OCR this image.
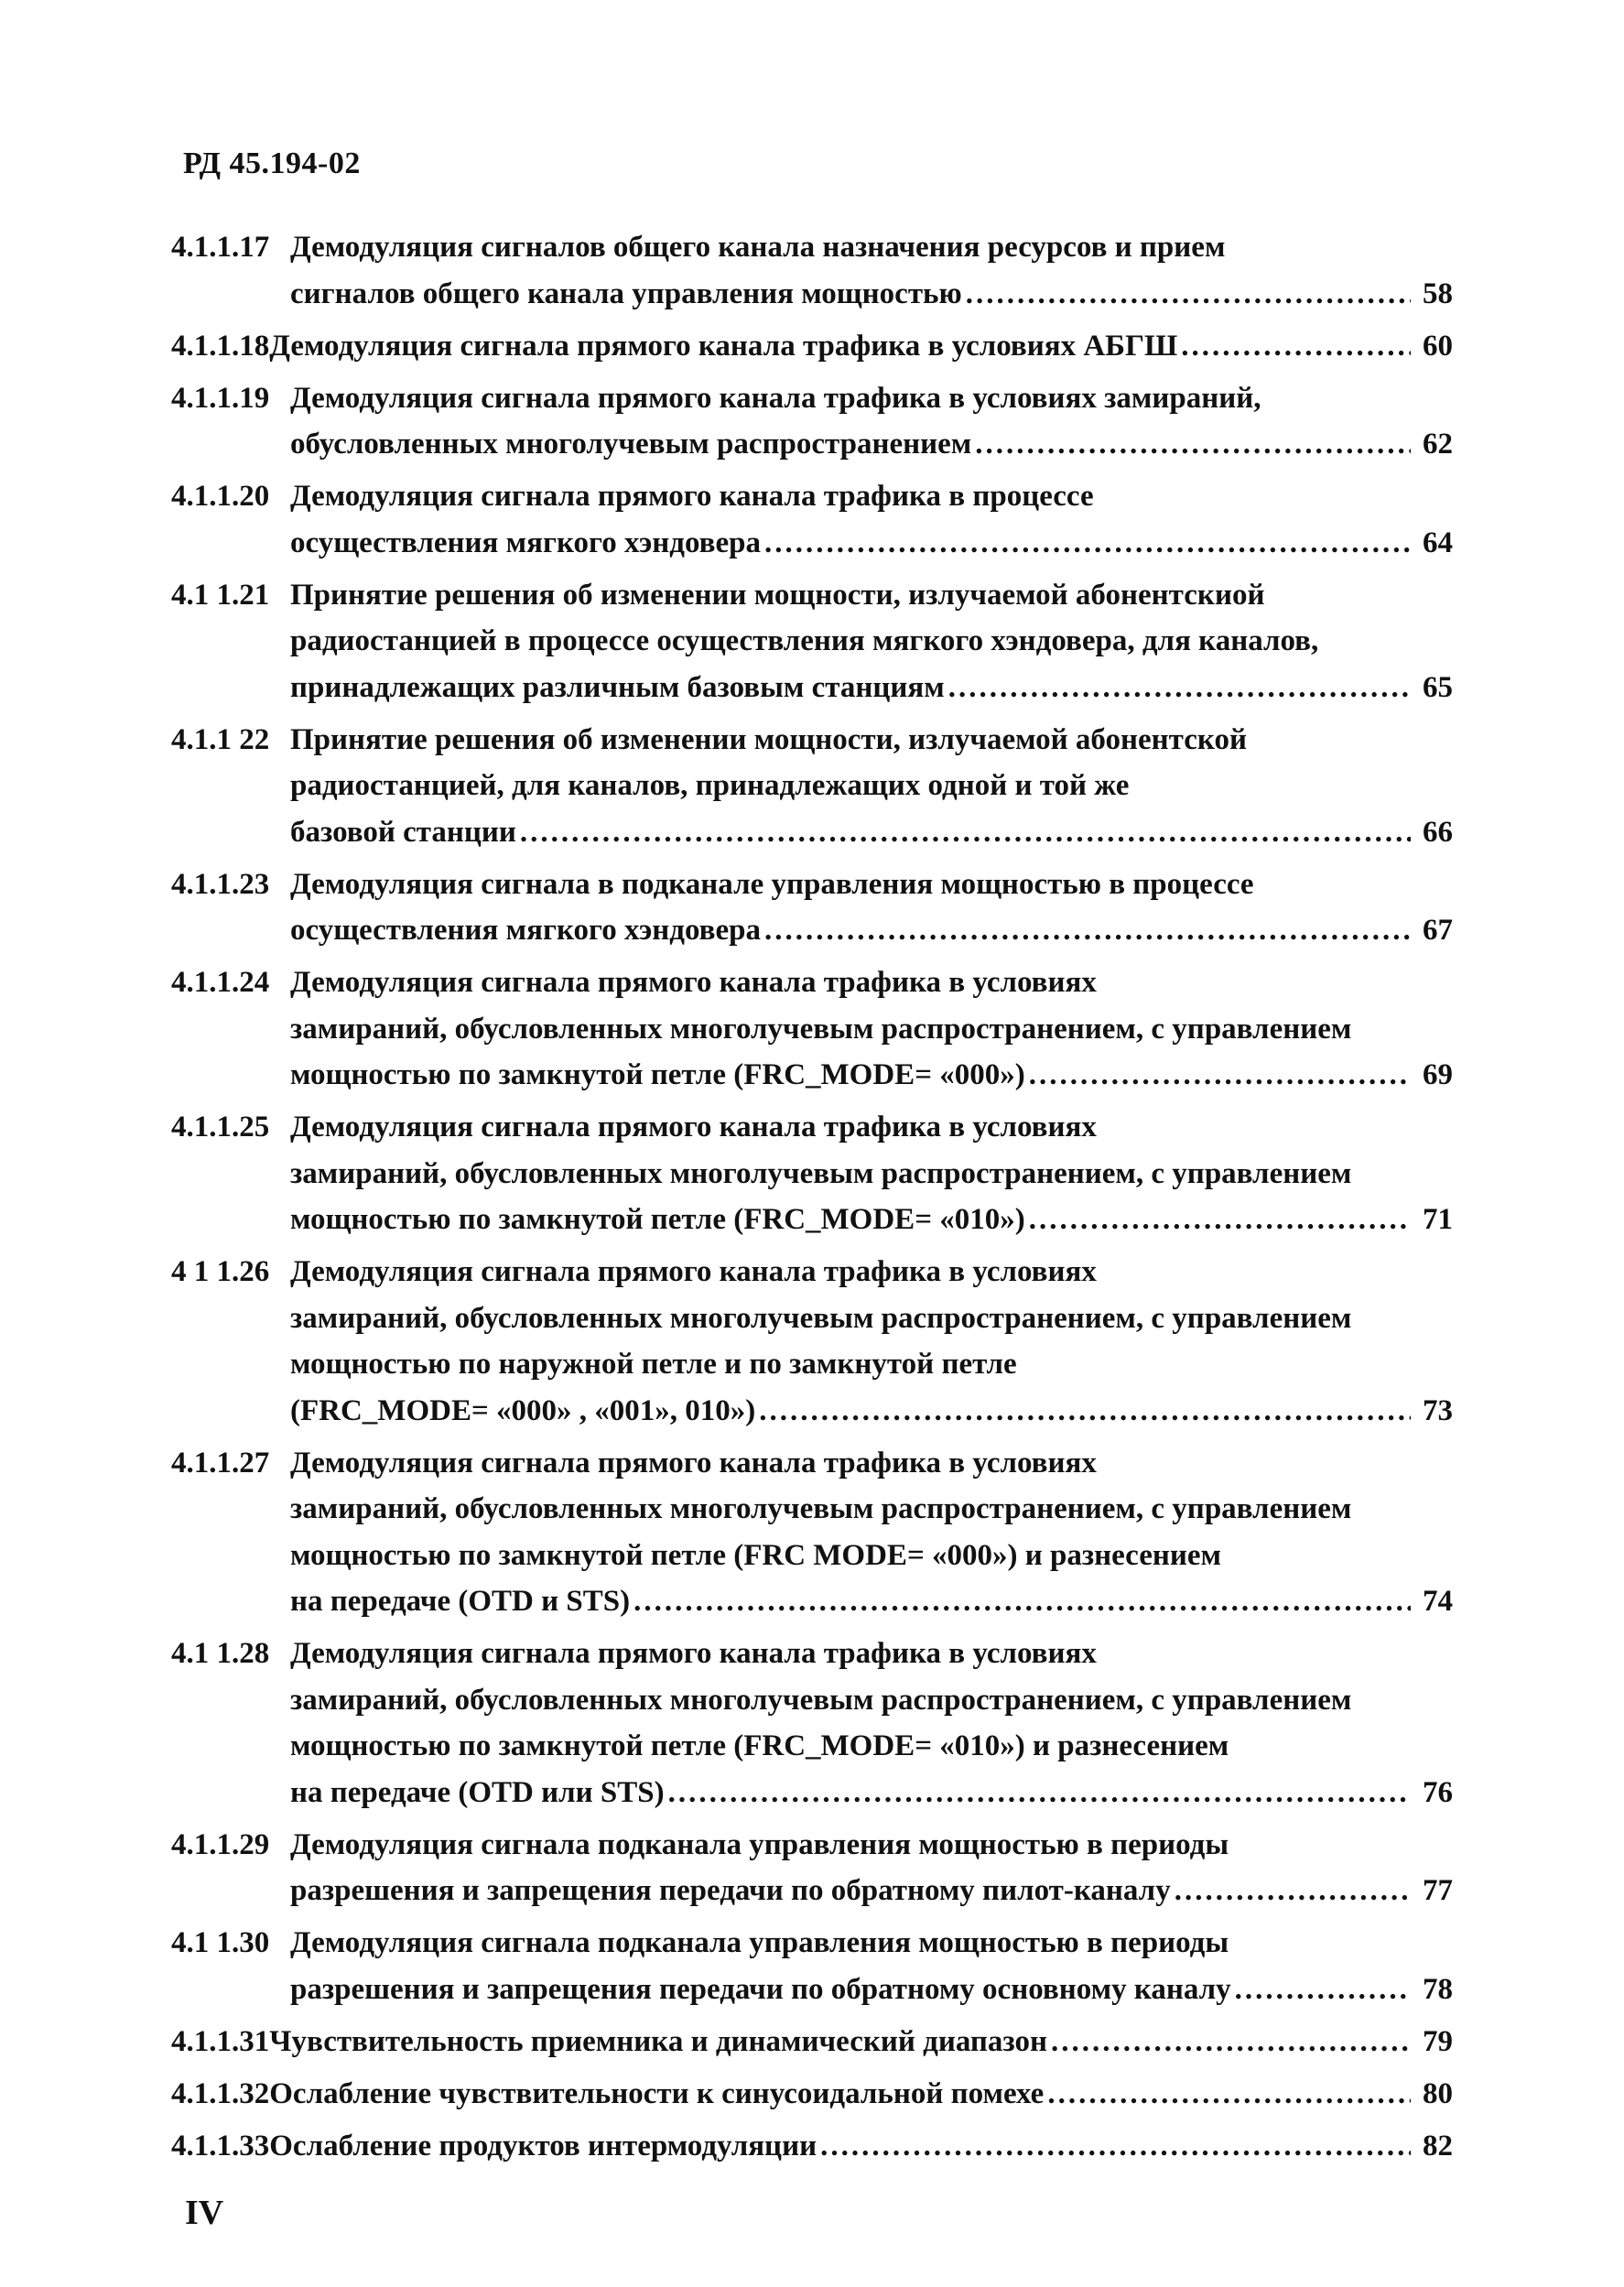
РД 45.194-02
4.1.1.17 Демодуляция сигналов общего канала назначения ресурсов и прием
сигналов общего канала управления мощностью .....	58
4.1.1.18 Демодуляция сигнала прямого канала трафика в условиях АБГШ .....	60
4.1.1.19 Демодуляция сигнала прямого канала трафика в условиях замираний,
обусловленных многолучевым распространением .....	62
4.1.1.20 Демодуляция сигнала прямого канала трафика в процессе
осуществления мягкого хэндовера .....	64
4.1 1.21 Принятие решения об изменении мощности, излучаемой абонентскиой
радиостанцией в процессе осуществления мягкого хэндовера, для каналов,
принадлежащих различным базовым станциям .....	65
4.1.1 22 Принятие решения об изменении мощности, излучаемой абонентской
радиостанцией, для каналов, принадлежащих одной и той же
базовой станции .....	66
4.1.1.23 Демодуляция сигнала в подканале управления мощностью в процессе
осуществления мягкого хэндовера .....	67
4.1.1.24 Демодуляция сигнала прямого канала трафика в условиях
замираний, обусловленных многолучевым распространением, с управлением
мощностью по замкнутой петле (FRC_MODE= «000») .....	69
4.1.1.25 Демодуляция сигнала прямого канала трафика в условиях
замираний, обусловленных многолучевым распространением, с управлением
мощностью по замкнутой петле (FRC_MODE= «010») .....	71
4 1 1.26 Демодуляция сигнала прямого канала трафика в условиях
замираний, обусловленных многолучевым распространением, с управлением
мощностью по наружной петле и по замкнутой петле
(FRC_MODE= «000» , «001», 010») .....	73
4.1.1.27 Демодуляция сигнала прямого канала трафика в условиях
замираний, обусловленных многолучевым распространением, с управлением
мощностью по замкнутой петле (FRC MODE= «000») и разнесением
на передаче (OTD и STS) .....	74
4.1 1.28 Демодуляция сигнала прямого канала трафика в условиях
замираний, обусловленных многолучевым распространением, с управлением
мощностью по замкнутой петле (FRC_MODE= «010») и разнесением
на передаче (OTD или STS) .....	76
4.1.1.29 Демодуляция сигнала подканала управления мощностью в периоды
разрешения и запрещения передачи по обратному пилот-каналу .....	77
4.1 1.30 Демодуляция сигнала подканала управления мощностью в периоды
разрешения и запрещения передачи по обратному основному каналу .....	78
4.1.1.31 Чувствительность приемника и динамический диапазон .....	79
4.1.1.32 Ослабление чувствительности к синусоидальной помехе .....	80
4.1.1.33 Ослабление продуктов интермодуляции .....	82
IV
